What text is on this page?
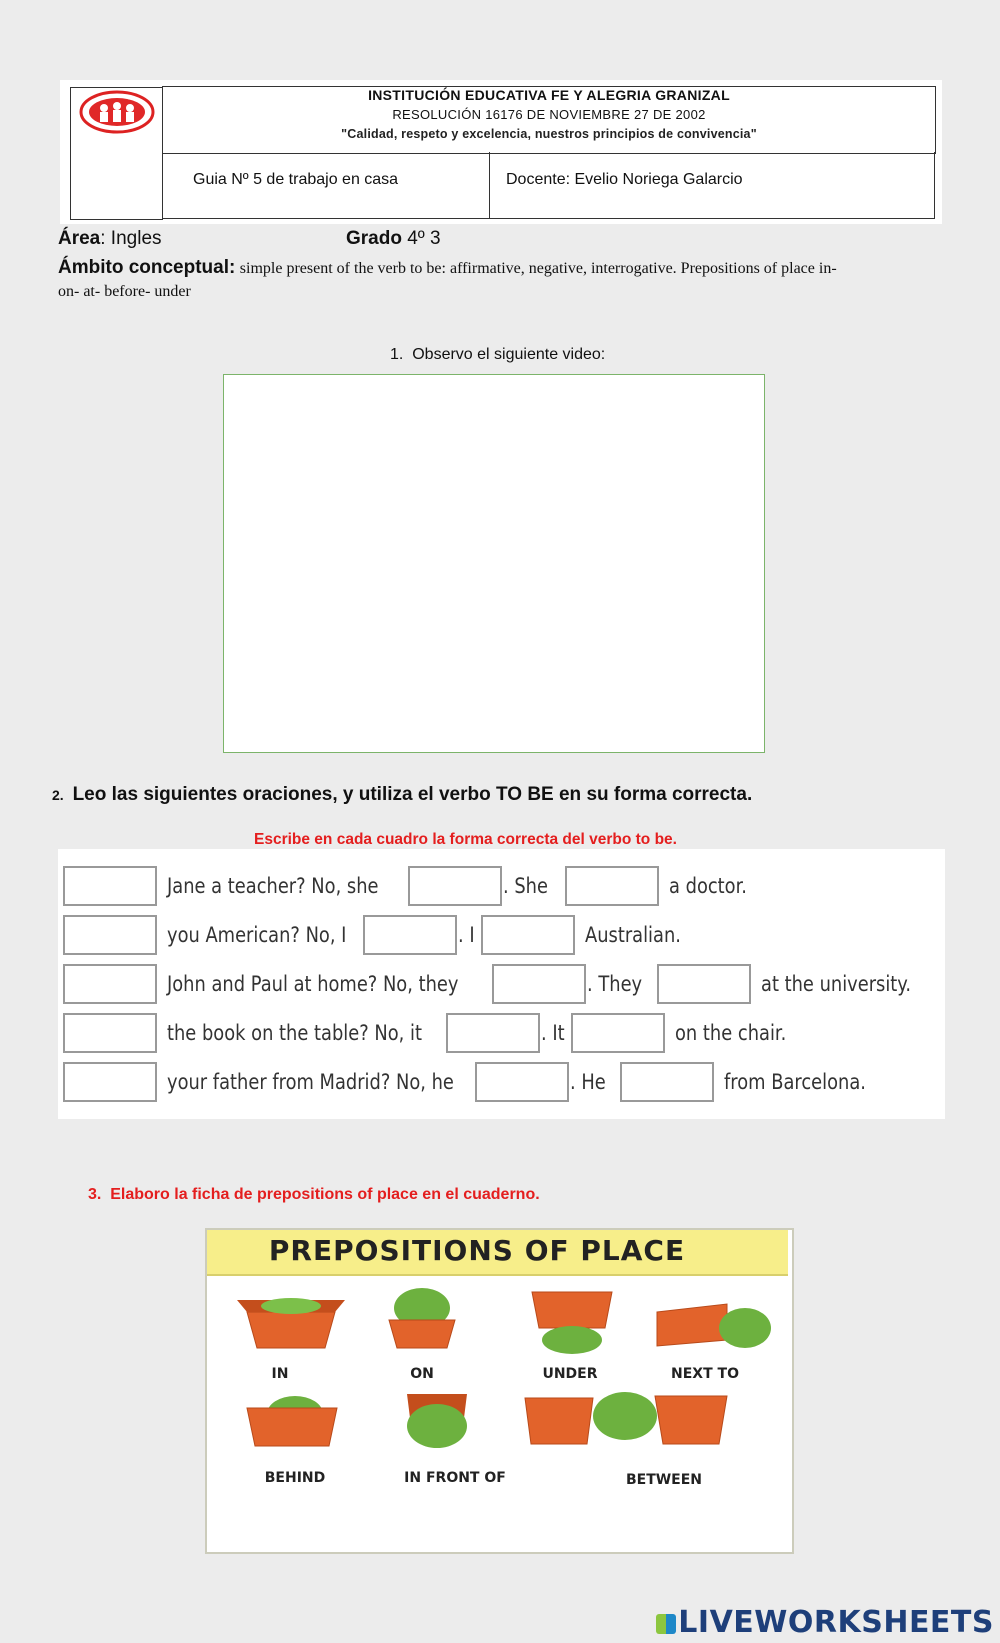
INSTITUCIÓN EDUCATIVA FE Y ALEGRIA GRANIZAL
RESOLUCIÓN 16176 DE NOVIEMBRE 27 DE 2002
"Calidad, respeto y excelencia, nuestros principios de convivencia"
Guia Nº 5 de trabajo en casa	Docente: Evelio Noriega Galarcio
Área: Ingles	Grado 4º 3
Ámbito conceptual: simple present of the verb to be: affirmative, negative, interrogative. Prepositions of place in-
on- at- before- under
1. Observo el siguiente video:
2. Leo las siguientes oraciones, y utiliza el verbo TO BE en su forma correcta.
Escribe en cada cuadro la forma correcta del verbo to be.
Jane a teacher? No, she	. She	a doctor.
you American? No, I	. I	Australian.
John and Paul at home? No, they	. They	at the university.
the book on the table? No, it	. It	on the chair.
your father from Madrid? No, he	. He	from Barcelona.
3. Elaboro la ficha de prepositions of place en el cuaderno.
PREPOSITIONS OF PLACE
IN	ON	UNDER	NEXT TO
BEHIND	IN FRONT OF	BETWEEN
LIVEWORKSHEETS
